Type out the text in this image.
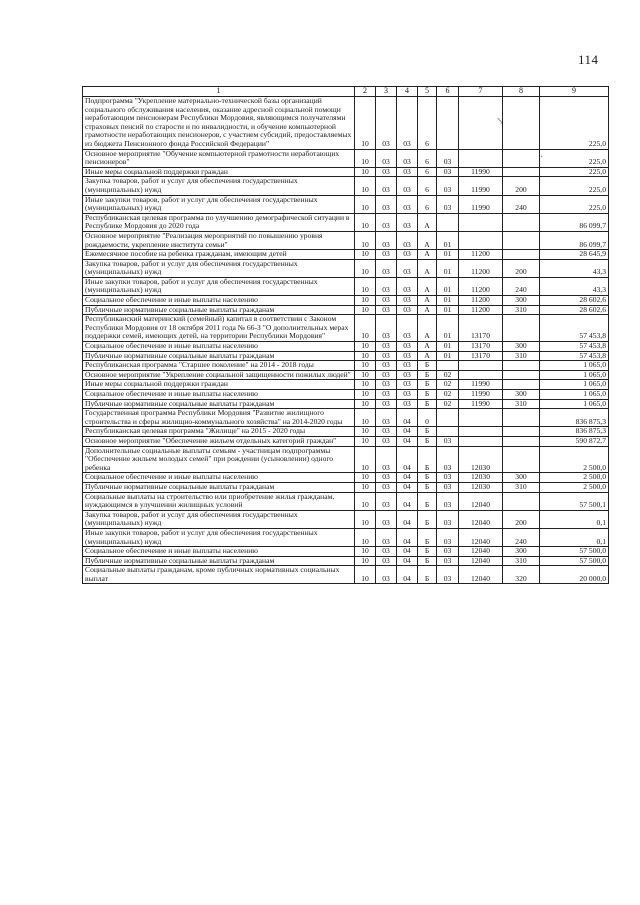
114
↘
·
1	2	3	4	5	6	7	8	9
Подпрограмма "Укрепление материально-технической базы организаций социального обслуживания населения, оказание адресной социальной помощи неработающим пенсионерам Республики Мордовия, являющимся получателями страховых пенсий по старости и по инвалидности, и обучение компьютерной грамотности неработающих пенсионеров, с участием субсидий, предоставляемых из бюджета Пенсионного фонда Российской Федерации"	10	03	03	6				225,0
Основное мероприятие "Обучение компьютерной грамотности неработающих пенсионеров"	10	03	03	6	03			225,0
Иные меры социальной поддержки граждан	10	03	03	6	03	11990		225,0
Закупка товаров, работ и услуг для обеспечения государственных (муниципальных) нужд	10	03	03	6	03	11990	200	225,0
Иные закупки товаров, работ и услуг для обеспечения государственных (муниципальных) нужд	10	03	03	6	03	11990	240	225,0
Республиканская целевая программа по улучшению демографической ситуации в Республике Мордовия до 2020 года	10	03	03	А				86 099,7
Основное мероприятие "Реализация мероприятий по повышению уровня рождаемости, укрепление института семьи"	10	03	03	А	01			86 099,7
Ежемесячное пособие на ребенка гражданам, имеющим детей	10	03	03	А	01	11200		28 645,9
Закупка товаров, работ и услуг для обеспечения государственных (муниципальных) нужд	10	03	03	А	01	11200	200	43,3
Иные закупки товаров, работ и услуг для обеспечения государственных (муниципальных) нужд	10	03	03	А	01	11200	240	43,3
Социальное обеспечение и иные выплаты населению	10	03	03	А	01	11200	300	28 602,6
Публичные нормативные социальные выплаты гражданам	10	03	03	А	01	11200	310	28 602,6
Республиканский материнский (семейный) капитал в соответствии с Законом Республики Мордовия от 18 октября 2011 года № 66-З "О дополнительных мерах поддержки семей, имеющих детей, на территории Республики Мордовия"	10	03	03	А	01	13170		57 453,8
Социальное обеспечение и иные выплаты населению	10	03	03	А	01	13170	300	57 453,8
Публичные нормативные социальные выплаты гражданам	10	03	03	А	01	13170	310	57 453,8
Республиканская программа "Старшее поколение" на 2014 - 2018 годы	10	03	03	Б				1 065,0
Основное мероприятие "Укрепление социальной защищенности пожилых людей"	10	03	03	Б	02			1 065,0
Иные меры социальной поддержки граждан	10	03	03	Б	02	11990		1 065,0
Социальное обеспечение и иные выплаты населению	10	03	03	Б	02	11990	300	1 065,0
Публичные нормативные социальные выплаты гражданам	10	03	03	Б	02	11990	310	1 065,0
Государственная программа Республики Мордовия "Развитие жилищного строительства и сферы жилищно-коммунального хозяйства" на 2014-2020 годы	10	03	04	0				836 875,3
Республиканская целевая программа "Жилище" на 2015 - 2020 годы	10	03	04	Б				836 875,3
Основное мероприятие "Обеспечение жильем отдельных категорий граждан"	10	03	04	Б	03			590 872,7
Дополнительные социальные выплаты семьям - участницам подпрограммы "Обеспечение жильем молодых семей" при рождении (усыновлении) одного ребенка	10	03	04	Б	03	12030		2 500,0
Социальное обеспечение и иные выплаты населению	10	03	04	Б	03	12030	300	2 500,0
Публичные нормативные социальные выплаты гражданам	10	03	04	Б	03	12030	310	2 500,0
Социальные выплаты на строительство или приобретение жилья гражданам, нуждающимся в улучшении жилищных условий	10	03	04	Б	03	12040		57 500,1
Закупка товаров, работ и услуг для обеспечения государственных (муниципальных) нужд	10	03	04	Б	03	12040	200	0,1
Иные закупки товаров, работ и услуг для обеспечения государственных (муниципальных) нужд	10	03	04	Б	03	12040	240	0,1
Социальное обеспечение и иные выплаты населению	10	03	04	Б	03	12040	300	57 500,0
Публичные нормативные социальные выплаты гражданам	10	03	04	Б	03	12040	310	57 500,0
Социальные выплаты гражданам, кроме публичных нормативных социальных выплат	10	03	04	Б	03	12040	320	20 000,0
